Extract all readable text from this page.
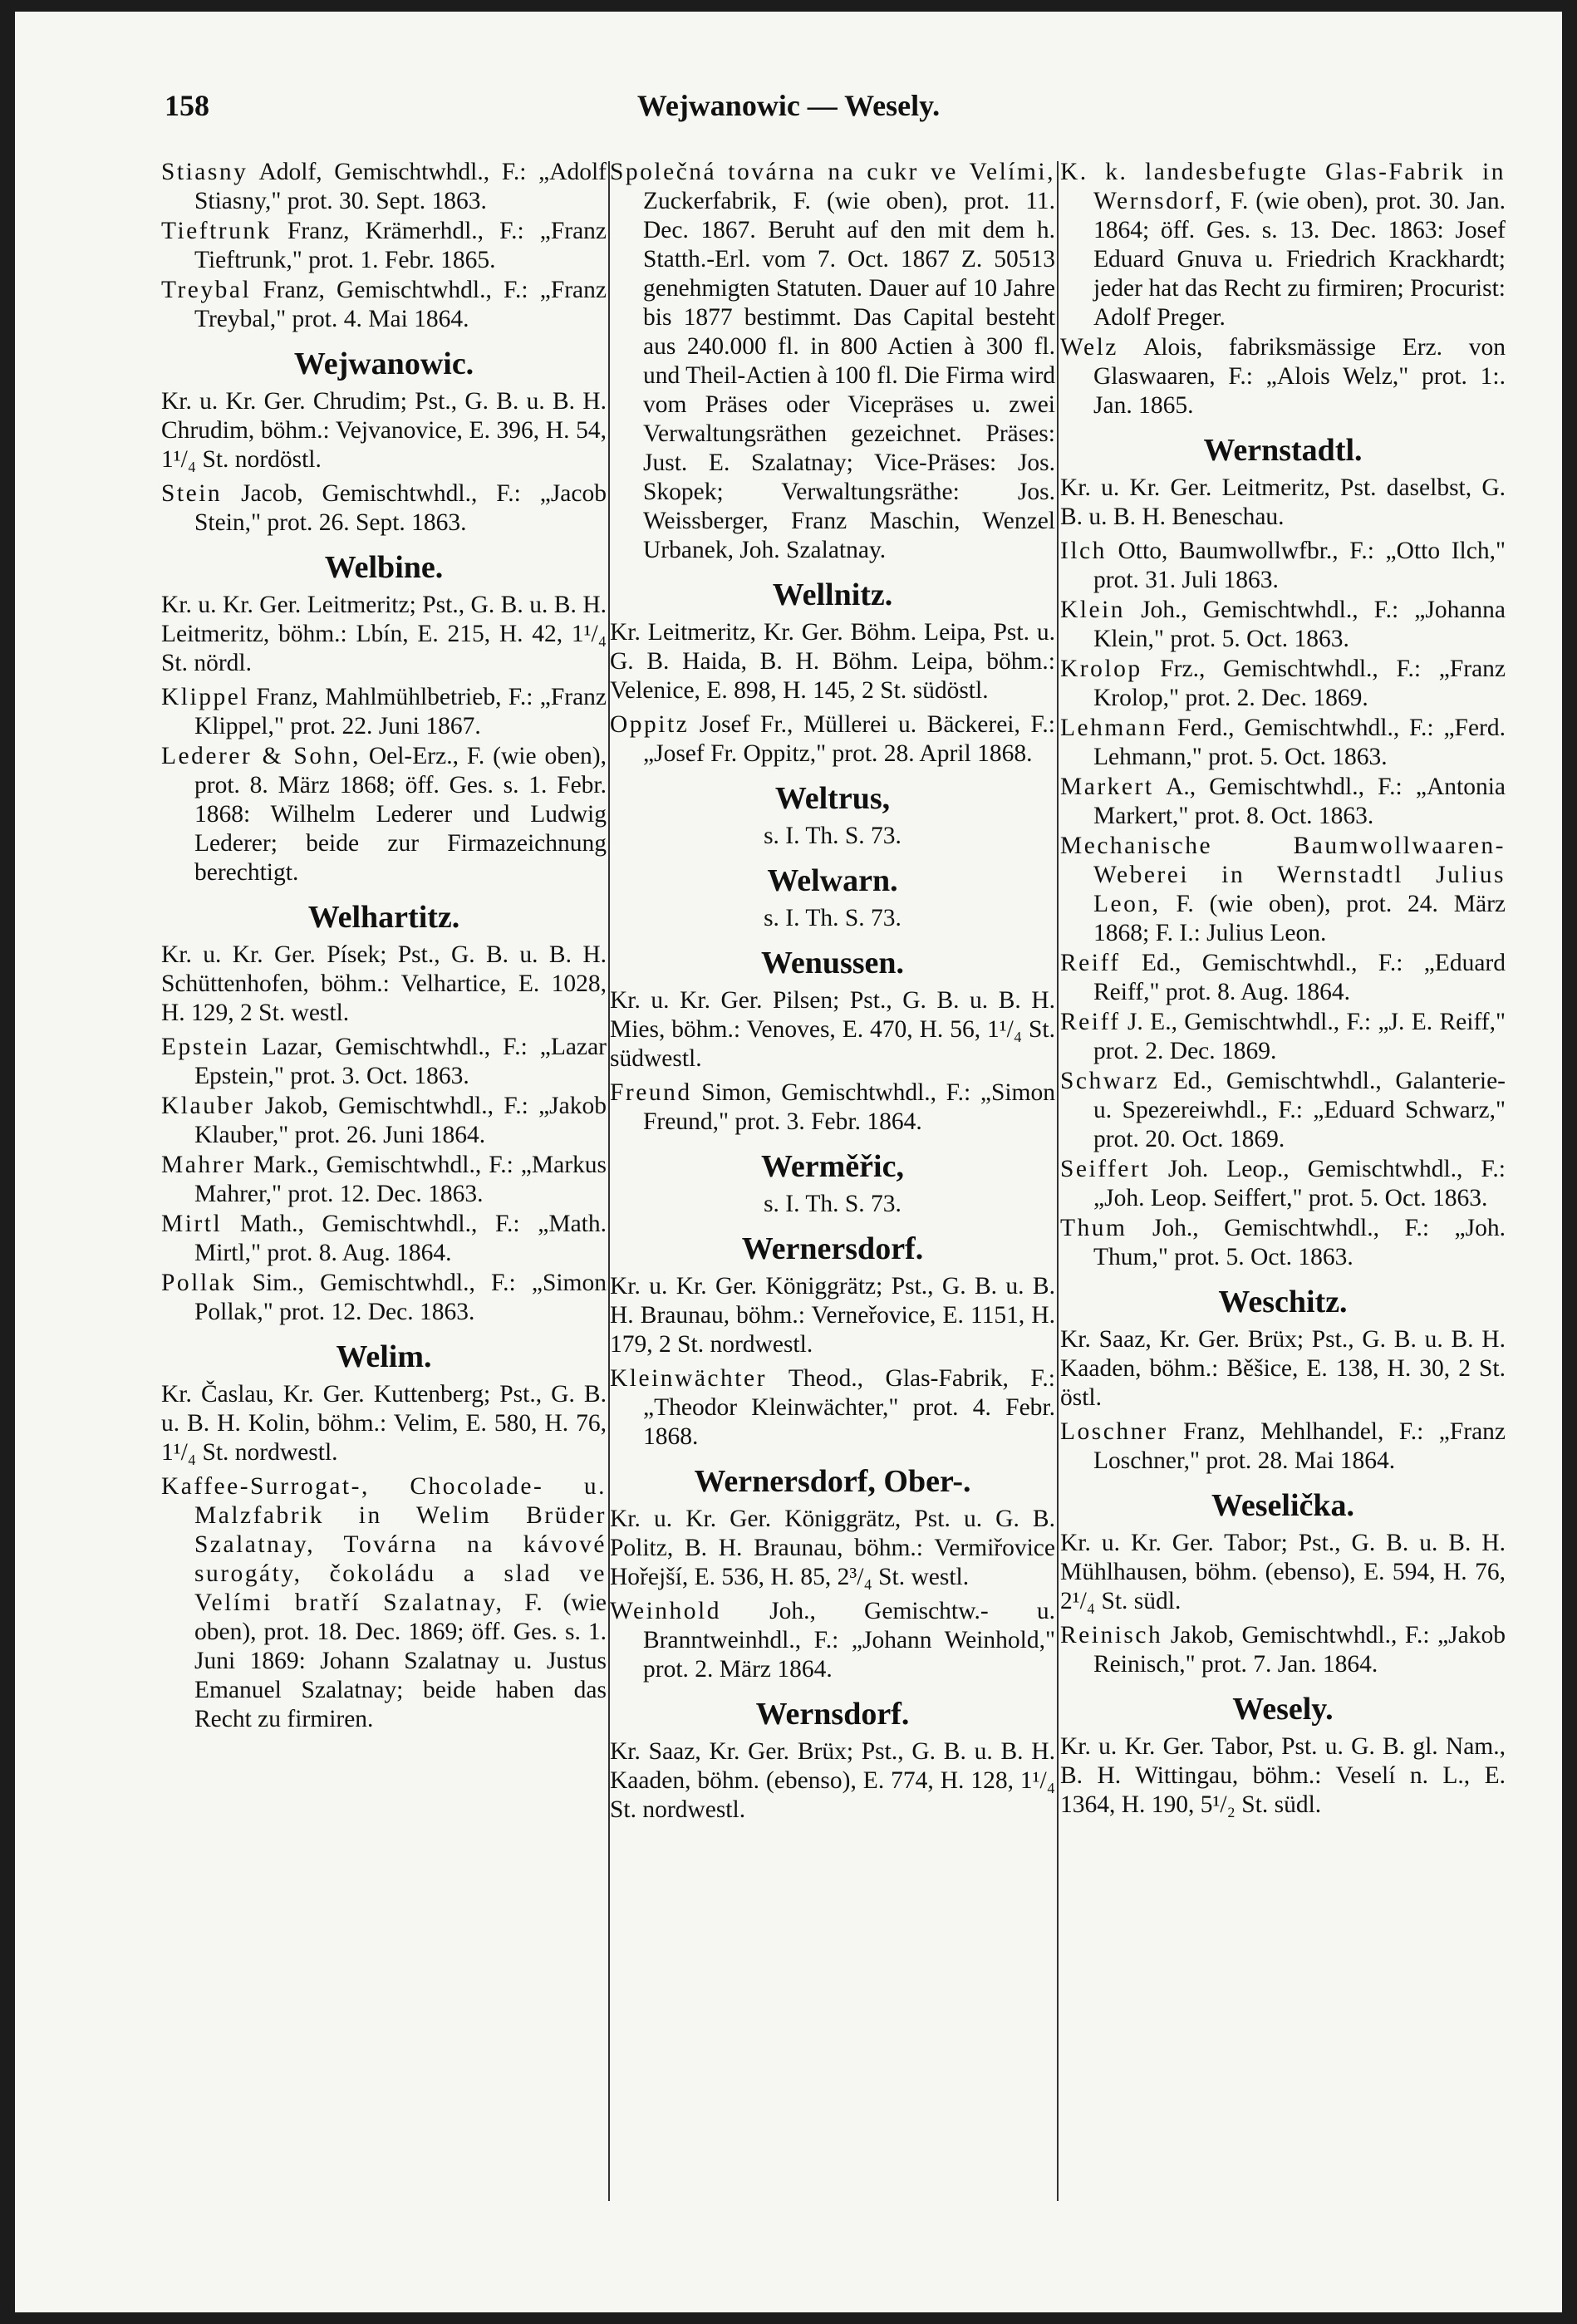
Wejwanowic — Wesely.
158
Stiasny Adolf, Gemischtwhdl., F.: „Adolf Stiasny," prot. 30. Sept. 1863.
Tieftrunk Franz, Krämerhdl., F.: „Franz Tieftrunk," prot. 1. Febr. 1865.
Treybal Franz, Gemischtwhdl., F.: „Franz Treybal," prot. 4. Mai 1864.
Wejwanowic.
Kr. u. Kr. Ger. Chrudim; Pst., G. B. u. B. H. Chrudim, böhm.: Vejvanovice, E. 396, H. 54, 1¹/₄ St. nordöstl.
Stein Jacob, Gemischtwhdl., F.: „Jacob Stein," prot. 26. Sept. 1863.
Welbine.
Kr. u. Kr. Ger. Leitmeritz; Pst., G. B. u. B. H. Leitmeritz, böhm.: Lbín, E. 215, H. 42, 1¹/₄ St. nördl.
Klippel Franz, Mahlmühlbetrieb, F.: „Franz Klippel," prot. 22. Juni 1867.
Lederer & Sohn, Oel-Erz., F. (wie oben), prot. 8. März 1868; öff. Ges. s. 1. Febr. 1868: Wilhelm Lederer und Ludwig Lederer; beide zur Firmazeichnung berechtigt.
Welhartitz.
Kr. u. Kr. Ger. Písek; Pst., G. B. u. B. H. Schüttenhofen, böhm.: Velhartice, E. 1028, H. 129, 2 St. westl.
Epstein Lazar, Gemischtwhdl., F.: „Lazar Epstein," prot. 3. Oct. 1863.
Klauber Jakob, Gemischtwhdl., F.: „Jakob Klauber," prot. 26. Juni 1864.
Mahrer Mark., Gemischtwhdl., F.: „Markus Mahrer," prot. 12. Dec. 1863.
Mirtl Math., Gemischtwhdl., F.: „Math. Mirtl," prot. 8. Aug. 1864.
Pollak Sim., Gemischtwhdl., F.: „Simon Pollak," prot. 12. Dec. 1863.
Welim.
Kr. Časlau, Kr. Ger. Kuttenberg; Pst., G. B. u. B. H. Kolin, böhm.: Velim, E. 580, H. 76, 1¹/₄ St. nordwestl.
Kaffee-Surrogat-, Chocolade- u. Malzfabrik in Welim Brüder Szalatnay, Továrna na kávové surogáty, čokoládu a slad ve Velími bratří Szalatnay, F. (wie oben), prot. 18. Dec. 1869; öff. Ges. s. 1. Juni 1869: Johann Szalatnay u. Justus Emanuel Szalatnay; beide haben das Recht zu firmiren.
Společná továrna na cukr ve Velími, Zuckerfabrik, F. (wie oben), prot. 11. Dec. 1867. Beruht auf den mit dem h. Statth.-Erl. vom 7. Oct. 1867 Z. 50513 genehmigten Statuten. Dauer auf 10 Jahre bis 1877 bestimmt. Das Capital besteht aus 240.000 fl. in 800 Actien à 300 fl. und Theil-Actien à 100 fl. Die Firma wird vom Präses oder Vicepräses u. zwei Verwaltungsräthen gezeichnet. Präses: Just. E. Szalatnay; Vice-Präses: Jos. Skopek; Verwaltungsräthe: Jos. Weissberger, Franz Maschin, Wenzel Urbanek, Joh. Szalatnay.
Wellnitz.
Kr. Leitmeritz, Kr. Ger. Böhm. Leipa, Pst. u. G. B. Haida, B. H. Böhm. Leipa, böhm.: Velenice, E. 898, H. 145, 2 St. südöstl.
Oppitz Josef Fr., Müllerei u. Bäckerei, F.: „Josef Fr. Oppitz," prot. 28. April 1868.
Weltrus,
s. I. Th. S. 73.
Welwarn.
s. I. Th. S. 73.
Wenussen.
Kr. u. Kr. Ger. Pilsen; Pst., G. B. u. B. H. Mies, böhm.: Venoves, E. 470, H. 56, 1¹/₄ St. südwestl.
Freund Simon, Gemischtwhdl., F.: „Simon Freund," prot. 3. Febr. 1864.
Werměřic,
s. I. Th. S. 73.
Wernersdorf.
Kr. u. Kr. Ger. Königgrätz; Pst., G. B. u. B. H. Braunau, böhm.: Verneřovice, E. 1151, H. 179, 2 St. nordwestl.
Kleinwächter Theod., Glas-Fabrik, F.: „Theodor Kleinwächter," prot. 4. Febr. 1868.
Wernersdorf, Ober-.
Kr. u. Kr. Ger. Königgrätz, Pst. u. G. B. Politz, B. H. Braunau, böhm.: Vermiřovice Hořejší, E. 536, H. 85, 2³/₄ St. westl.
Weinhold Joh., Gemischtw.- u. Branntweinhdl., F.: „Johann Weinhold," prot. 2. März 1864.
Wernsdorf.
Kr. Saaz, Kr. Ger. Brüx; Pst., G. B. u. B. H. Kaaden, böhm. (ebenso), E. 774, H. 128, 1¹/₄ St. nordwestl.
K. k. landesbefugte Glas-Fabrik in Wernsdorf, F. (wie oben), prot. 30. Jan. 1864; öff. Ges. s. 13. Dec. 1863: Josef Eduard Gnuva u. Friedrich Krackhardt; jeder hat das Recht zu firmiren; Procurist: Adolf Preger.
Welz Alois, fabriksmässige Erz. von Glaswaaren, F.: „Alois Welz," prot. 1:. Jan. 1865.
Wernstadtl.
Kr. u. Kr. Ger. Leitmeritz, Pst. daselbst, G. B. u. B. H. Beneschau.
Ilch Otto, Baumwollwfbr., F.: „Otto Ilch," prot. 31. Juli 1863.
Klein Joh., Gemischtwhdl., F.: „Johanna Klein," prot. 5. Oct. 1863.
Krolop Frz., Gemischtwhdl., F.: „Franz Krolop," prot. 2. Dec. 1869.
Lehmann Ferd., Gemischtwhdl., F.: „Ferd. Lehmann," prot. 5. Oct. 1863.
Markert A., Gemischtwhdl., F.: „Antonia Markert," prot. 8. Oct. 1863.
Mechanische Baumwollwaaren-Weberei in Wernstadtl Julius Leon, F. (wie oben), prot. 24. März 1868; F. I.: Julius Leon.
Reiff Ed., Gemischtwhdl., F.: „Eduard Reiff," prot. 8. Aug. 1864.
Reiff J. E., Gemischtwhdl., F.: „J. E. Reiff," prot. 2. Dec. 1869.
Schwarz Ed., Gemischtwhdl., Galanterie- u. Spezereiwhdl., F.: „Eduard Schwarz," prot. 20. Oct. 1869.
Seiffert Joh. Leop., Gemischtwhdl., F.: „Joh. Leop. Seiffert," prot. 5. Oct. 1863.
Thum Joh., Gemischtwhdl., F.: „Joh. Thum," prot. 5. Oct. 1863.
Weschitz.
Kr. Saaz, Kr. Ger. Brüx; Pst., G. B. u. B. H. Kaaden, böhm.: Běšice, E. 138, H. 30, 2 St. östl.
Loschner Franz, Mehlhandel, F.: „Franz Loschner," prot. 28. Mai 1864.
Weselička.
Kr. u. Kr. Ger. Tabor; Pst., G. B. u. B. H. Mühlhausen, böhm. (ebenso), E. 594, H. 76, 2¹/₄ St. südl.
Reinisch Jakob, Gemischtwhdl., F.: „Jakob Reinisch," prot. 7. Jan. 1864.
Wesely.
Kr. u. Kr. Ger. Tabor, Pst. u. G. B. gl. Nam., B. H. Wittingau, böhm.: Veselí n. L., E. 1364, H. 190, 5¹/₂ St. südl.
